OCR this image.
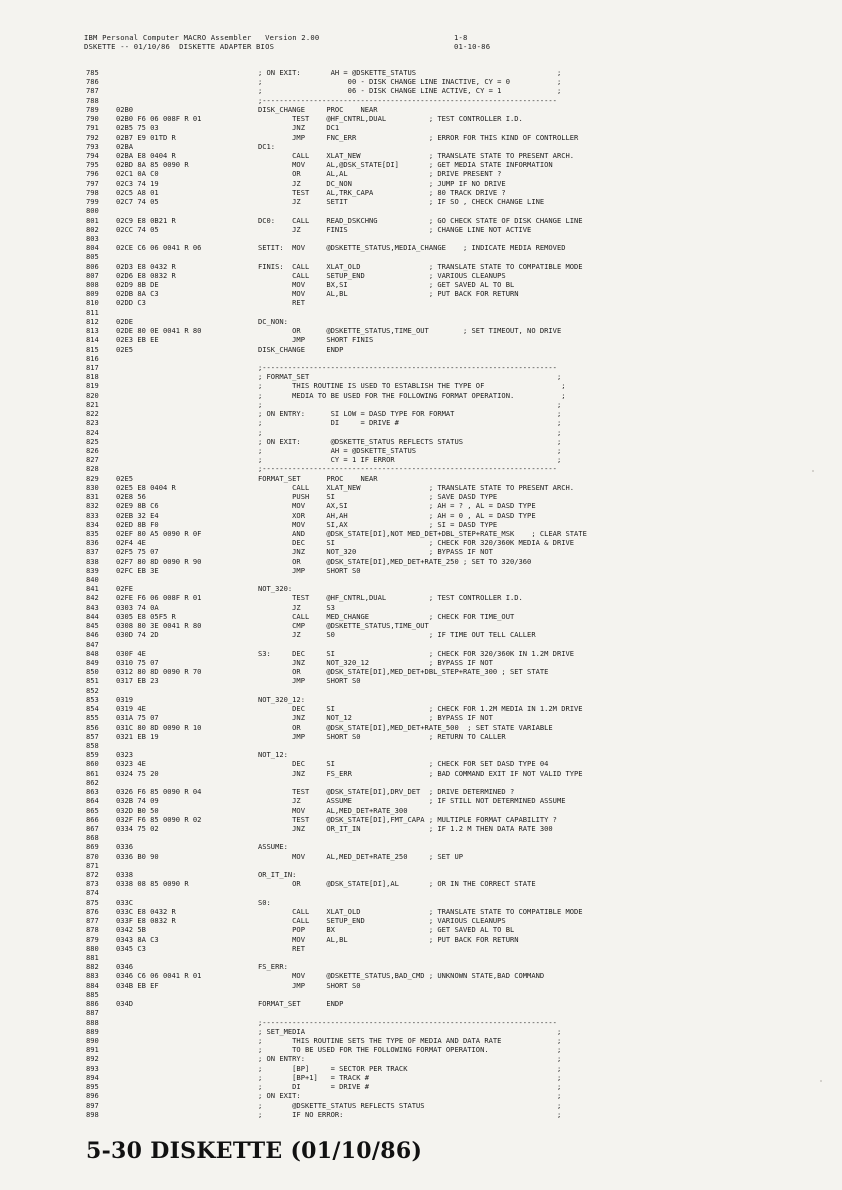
IBM Personal Computer MACRO Assembler   Version 2.00

	1-8

DSKETTE -- 01/10/86  DISKETTE ADAPTER BIOS

	01-10-86

785	; ON EXIT:       AH = @DSKETTE_STATUS                                 ;
786	;                    00 - DISK CHANGE LINE INACTIVE, CY = 0           ;
787	;                    06 - DISK CHANGE LINE ACTIVE, CY = 1             ;
788	;---------------------------------------------------------------------
789 02B0	DISK_CHANGE     PROC    NEAR
790 02B0 F6 06 008F R 01	TEST    @HF_CNTRL,DUAL          ; TEST CONTROLLER I.D.
791 02B5 75 03	JNZ     DC1
792 02B7 E9 01TD R	JMP     FNC_ERR                 ; ERROR FOR THIS KIND OF CONTROLLER
793 02BA	DC1:
794 02BA E8 0404 R	CALL    XLAT_NEW                ; TRANSLATE STATE TO PRESENT ARCH.
795 02BD 8A 85 0090 R	MOV     AL,@DSK_STATE[DI]       ; GET MEDIA STATE INFORMATION
796 02C1 0A C0	OR      AL,AL                   ; DRIVE PRESENT ?
797 02C3 74 19	JZ      DC_NON                  ; JUMP IF NO DRIVE
798 02C5 A8 01	TEST    AL,TRK_CAPA             ; 80 TRACK DRIVE ?
799 02C7 74 05	JZ      SETIT                   ; IF SO , CHECK CHANGE LINE
800
801 02C9 E8 0B21 R	DC0:    CALL    READ_DSKCHNG            ; GO CHECK STATE OF DISK CHANGE LINE
802 02CC 74 05	JZ      FINIS                   ; CHANGE LINE NOT ACTIVE
803
804 02CE C6 06 0041 R 06	SETIT:  MOV     @DSKETTE_STATUS,MEDIA_CHANGE    ; INDICATE MEDIA REMOVED
805
806 02D3 E8 0432 R	FINIS:  CALL    XLAT_OLD                ; TRANSLATE STATE TO COMPATIBLE MODE
807 02D6 E8 0832 R	CALL    SETUP_END               ; VARIOUS CLEANUPS
808 02D9 8B DE	MOV     BX,SI                   ; GET SAVED AL TO BL
809 02DB 8A C3	MOV     AL,BL                   ; PUT BACK FOR RETURN
810 02DD C3	RET
811
812 02DE	DC_NON:
813 02DE 80 0E 0041 R 80	OR      @DSKETTE_STATUS,TIME_OUT        ; SET TIMEOUT, NO DRIVE
814 02E3 EB EE	JMP     SHORT FINIS
815 02E5	DISK_CHANGE     ENDP
816
817	;---------------------------------------------------------------------
818	; FORMAT_SET                                                          ;
819	;       THIS ROUTINE IS USED TO ESTABLISH THE TYPE OF                  ;
820	;       MEDIA TO BE USED FOR THE FOLLOWING FORMAT OPERATION.           ;
821	;                                                                     ;
822	; ON ENTRY:      SI LOW = DASD TYPE FOR FORMAT                        ;
823	;                DI     = DRIVE #                                     ;
824	;                                                                     ;
825	; ON EXIT:       @DSKETTE_STATUS REFLECTS STATUS                      ;
826	;                AH = @DSKETTE_STATUS                                 ;
827	;                CY = 1 IF ERROR                                      ;
828	;---------------------------------------------------------------------
829 02E5	FORMAT_SET      PROC    NEAR
830 02E5 E8 0404 R	CALL    XLAT_NEW                ; TRANSLATE STATE TO PRESENT ARCH.
831 02E8 56	PUSH    SI                      ; SAVE DASD TYPE
832 02E9 8B C6	MOV     AX,SI                   ; AH = ? , AL = DASD TYPE
833 02EB 32 E4	XOR     AH,AH                   ; AH = 0 , AL = DASD TYPE
834 02ED 8B F0	MOV     SI,AX                   ; SI = DASD TYPE
835 02EF 80 A5 0090 R 0F	AND     @DSK_STATE[DI],NOT MED_DET+DBL_STEP+RATE_MSK    ; CLEAR STATE
836 02F4 4E	DEC     SI                      ; CHECK FOR 320/360K MEDIA & DRIVE
837 02F5 75 07	JNZ     NOT_320                 ; BYPASS IF NOT
838 02F7 80 8D 0090 R 90	OR      @DSK_STATE[DI],MED_DET+RATE_250 ; SET TO 320/360
839 02FC EB 3E	JMP     SHORT S0
840
841 02FE	NOT_320:
842 02FE F6 06 008F R 01	TEST    @HF_CNTRL,DUAL          ; TEST CONTROLLER I.D.
843 0303 74 0A	JZ      S3
844 0305 E8 05F5 R	CALL    MED_CHANGE              ; CHECK FOR TIME_OUT
845 0308 80 3E 0041 R 80	CMP     @DSKETTE_STATUS,TIME_OUT
846 030D 74 2D	JZ      S0                      ; IF TIME OUT TELL CALLER
847
848 030F 4E	S3:     DEC     SI                      ; CHECK FOR 320/360K IN 1.2M DRIVE
849 0310 75 07	JNZ     NOT_320_12              ; BYPASS IF NOT
850 0312 80 8D 0090 R 70	OR      @DSK_STATE[DI],MED_DET+DBL_STEP+RATE_300 ; SET STATE
851 0317 EB 23	JMP     SHORT S0
852
853 0319	NOT_320_12:
854 0319 4E	DEC     SI                      ; CHECK FOR 1.2M MEDIA IN 1.2M DRIVE
855 031A 75 07	JNZ     NOT_12                  ; BYPASS IF NOT
856 031C 80 8D 0090 R 10	OR      @DSK_STATE[DI],MED_DET+RATE_500  ; SET STATE VARIABLE
857 0321 EB 19	JMP     SHORT S0                ; RETURN TO CALLER
858
859 0323	NOT_12:
860 0323 4E	DEC     SI                      ; CHECK FOR SET DASD TYPE 04
861 0324 75 20	JNZ     FS_ERR                  ; BAD COMMAND EXIT IF NOT VALID TYPE
862
863 0326 F6 85 0090 R 04	TEST    @DSK_STATE[DI],DRV_DET  ; DRIVE DETERMINED ?
864 032B 74 09	JZ      ASSUME                  ; IF STILL NOT DETERMINED ASSUME
865 032D B0 50	MOV     AL,MED_DET+RATE_300
866 032F F6 85 0090 R 02	TEST    @DSK_STATE[DI],FMT_CAPA ; MULTIPLE FORMAT CAPABILITY ?
867 0334 75 02	JNZ     OR_IT_IN                ; IF 1.2 M THEN DATA RATE 300
868
869 0336	ASSUME:
870 0336 B0 90	MOV     AL,MED_DET+RATE_250     ; SET UP
871
872 0338	OR_IT_IN:
873 0338 08 85 0090 R	OR      @DSK_STATE[DI],AL       ; OR IN THE CORRECT STATE
874
875 033C	S0:
876 033C E8 0432 R	CALL    XLAT_OLD                ; TRANSLATE STATE TO COMPATIBLE MODE
877 033F E8 0832 R	CALL    SETUP_END               ; VARIOUS CLEANUPS
878 0342 5B	POP     BX                      ; GET SAVED AL TO BL
879 0343 8A C3	MOV     AL,BL                   ; PUT BACK FOR RETURN
880 0345 C3	RET
881
882 0346	FS_ERR:
883 0346 C6 06 0041 R 01	MOV     @DSKETTE_STATUS,BAD_CMD ; UNKNOWN STATE,BAD COMMAND
884 034B EB EF	JMP     SHORT S0
885
886 034D	FORMAT_SET      ENDP
887
888	;---------------------------------------------------------------------
889	; SET_MEDIA                                                           ;
890	;       THIS ROUTINE SETS THE TYPE OF MEDIA AND DATA RATE             ;
891	;       TO BE USED FOR THE FOLLOWING FORMAT OPERATION.                ;
892	; ON ENTRY:                                                           ;
893	;       [BP]     = SECTOR PER TRACK                                   ;
894	;       [BP+1]   = TRACK #                                            ;
895	;       DI       = DRIVE #                                            ;
896	; ON EXIT:                                                            ;
897	;       @DSKETTE_STATUS REFLECTS STATUS                               ;
898	;       IF NO ERROR:                                                  ;
5-30 DISKETTE (01/10/86)
